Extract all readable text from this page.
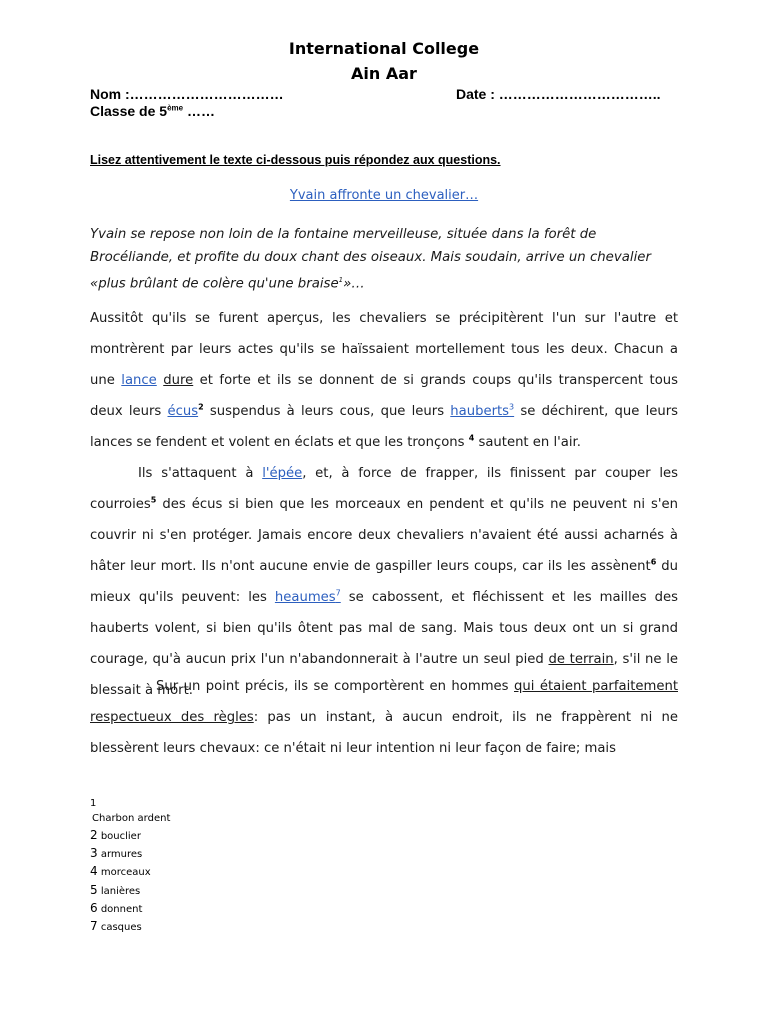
International College
Ain Aar
Nom :……………………………	Date : ……………………………..
Classe de 5ème ……
Lisez attentivement le texte ci-dessous puis répondez aux questions.
Yvain affronte un chevalier…
Yvain se repose non loin de la fontaine merveilleuse, située dans la forêt de Brocéliande, et profite du doux chant des oiseaux. Mais soudain, arrive un chevalier «plus brûlant de colère qu'une braise$^1$»…
Aussitôt qu'ils se furent aperçus, les chevaliers se précipitèrent l'un sur l'autre et montrèrent par leurs actes qu'ils se haïssaient mortellement tous les deux. Chacun a une lance dure et forte et ils se donnent de si grands coups qu'ils transpercent tous deux leurs écus$^2$ suspendus à leurs cous, que leurs hauberts$^3$ se déchirent, que leurs lances se fendent et volent en éclats et que les tronçons $^4$ sautent en l'air.
Ils s'attaquent à l'épée, et, à force de frapper, ils finissent par couper les courroies$^5$ des écus si bien que les morceaux en pendent et qu'ils ne peuvent ni s'en couvrir ni s'en protéger. Jamais encore deux chevaliers n'avaient été aussi acharnés à hâter leur mort. Ils n'ont aucune envie de gaspiller leurs coups, car ils les assènent$^6$ du mieux qu'ils peuvent: les heaumes$^7$ se cabossent, et fléchissent et les mailles des hauberts volent, si bien qu'ils ôtent pas mal de sang. Mais tous deux ont un si grand courage, qu'à aucun prix l'un n'abandonnerait à l'autre un seul pied de terrain, s'il ne le blessait à mort.
Sur un point précis, ils se comportèrent en hommes qui étaient parfaitement respectueux des règles: pas un instant, à aucun endroit, ils ne frappèrent ni ne blessèrent leurs chevaux: ce n'était ni leur intention ni leur façon de faire; mais
1
Charbon ardent
2 bouclier
3 armures
4 morceaux
5 lanières
6 donnent
7 casques
